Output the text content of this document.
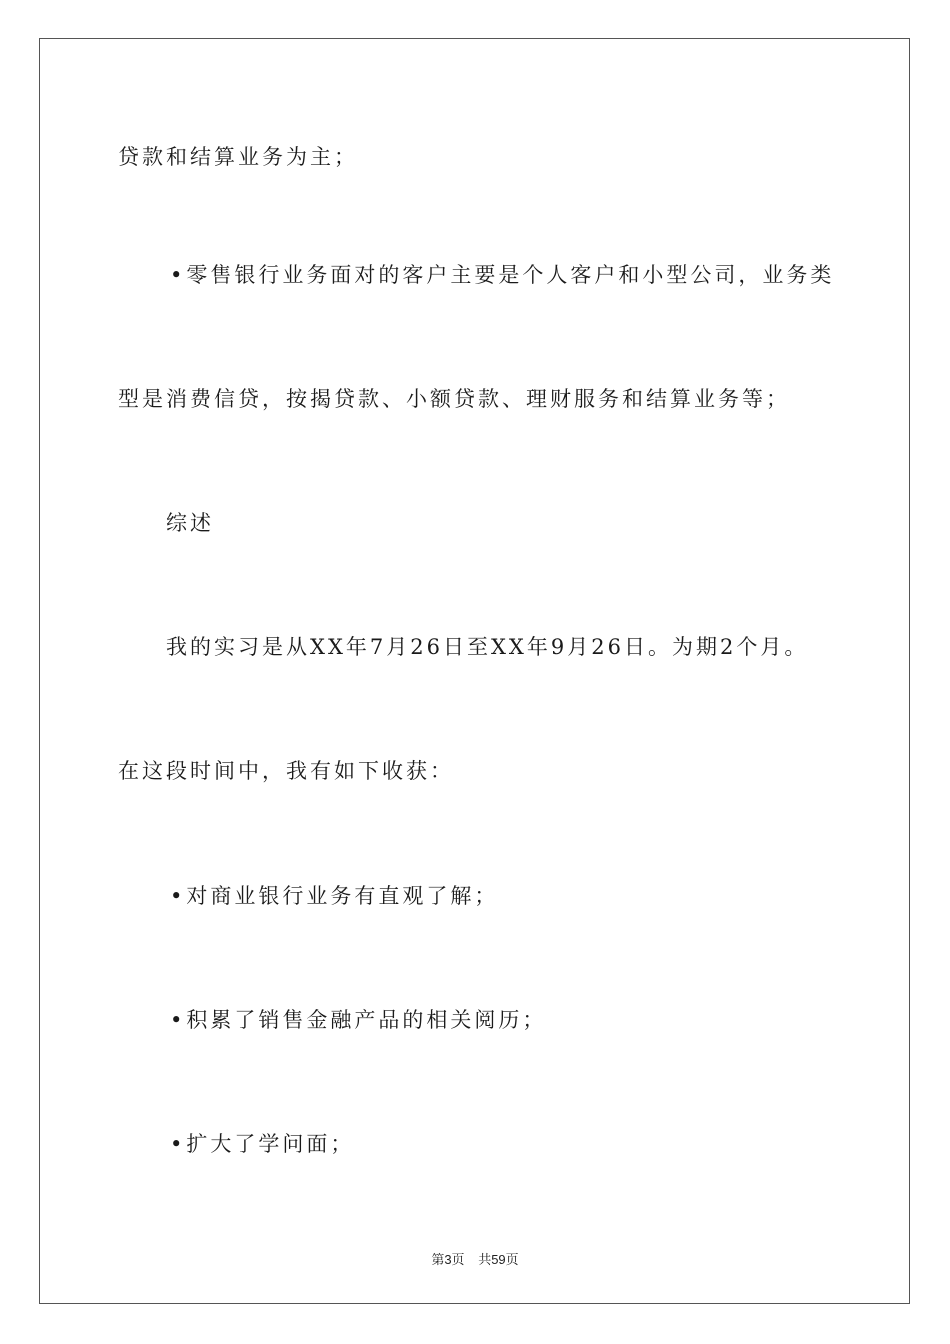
贷款和结算业务为主；
• 零售银行业务面对的客户主要是个人客户和小型公司，业务类
型是消费信贷，按揭贷款、小额贷款、理财服务和结算业务等；
综述
我的实习是从XX年7月26日至XX年9月26日。为期2个月。
在这段时间中，我有如下收获：
• 对商业银行业务有直观了解；
• 积累了销售金融产品的相关阅历；
• 扩大了学问面；
第3页 共59页
